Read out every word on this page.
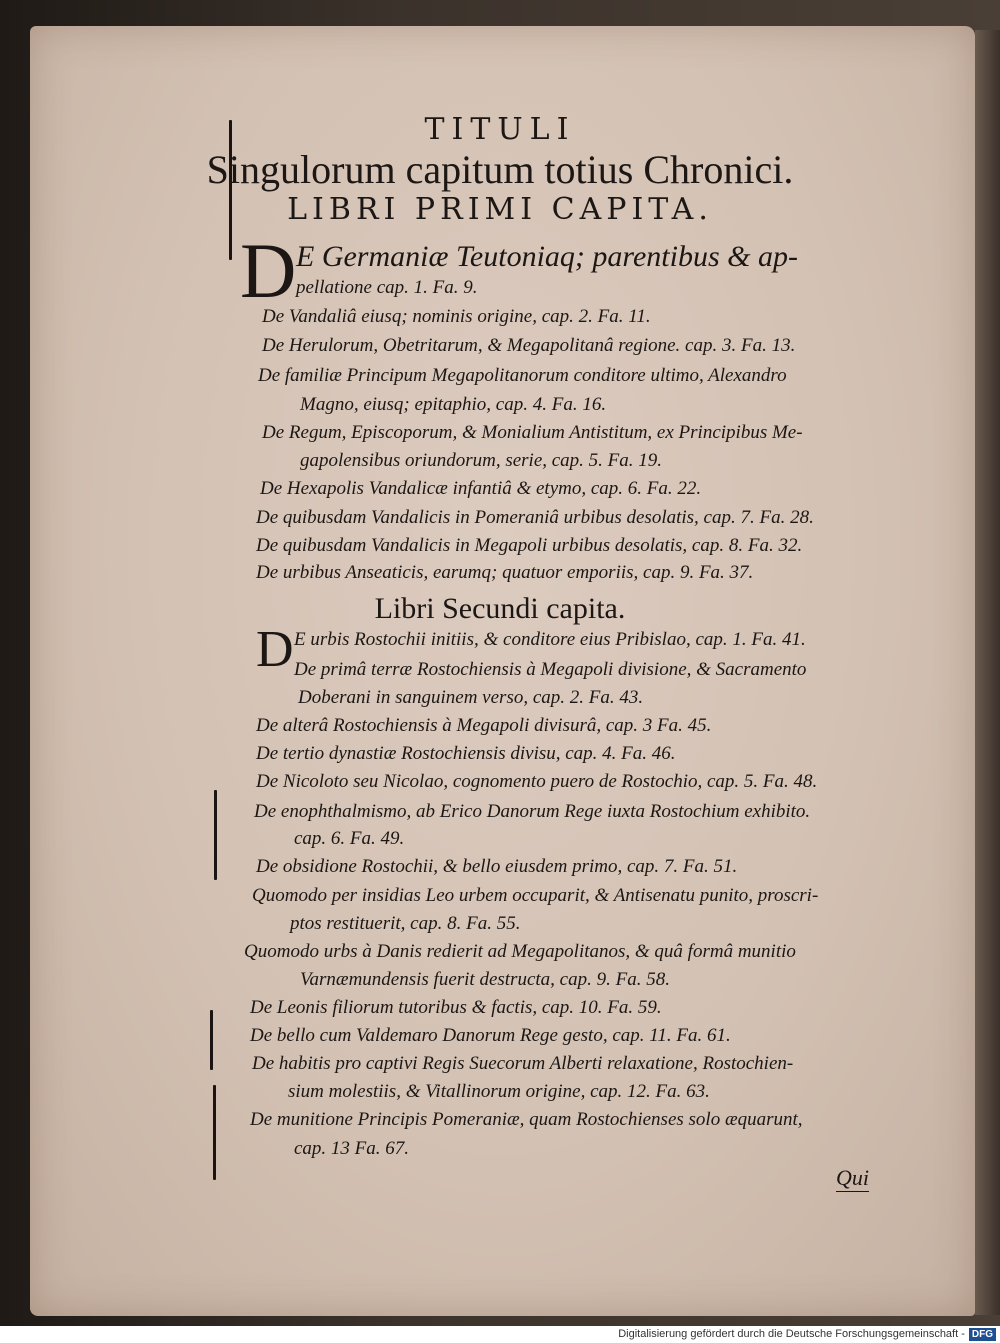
TITULI
Singulorum capitum totius Chronici.
LIBRI PRIMI CAPITA.
D E Germaniæ Teutoniaq; parentibus & ap-
pellatione cap. 1. Fa. 9.
De Vandaliâ eiusq; nominis origine, cap. 2. Fa. 11.
De Herulorum, Obetritarum, & Megapolitanâ regione. cap. 3. Fa. 13.
De familiæ Principum Megapolitanorum conditore ultimo, Alexandro
Magno, eiusq; epitaphio, cap. 4. Fa. 16.
De Regum, Episcoporum, & Monialium Antistitum, ex Principibus Me-
gapolensibus oriundorum, serie, cap. 5. Fa. 19.
De Hexapolis Vandalicæ infantiâ & etymo, cap. 6. Fa. 22.
De quibusdam Vandalicis in Pomeraniâ urbibus desolatis, cap. 7. Fa. 28.
De quibusdam Vandalicis in Megapoli urbibus desolatis, cap. 8. Fa. 32.
De urbibus Anseaticis, earumq; quatuor emporiis, cap. 9. Fa. 37.
Libri Secundi capita.
D E urbis Rostochii initiis, & conditore eius Pribislao, cap. 1. Fa. 41.
De primâ terræ Rostochiensis à Megapoli divisione, & Sacramento
Doberani in sanguinem verso, cap. 2. Fa. 43.
De alterâ Rostochiensis à Megapoli divisurâ, cap. 3 Fa. 45.
De tertio dynastiæ Rostochiensis divisu, cap. 4. Fa. 46.
De Nicoloto seu Nicolao, cognomento puero de Rostochio, cap. 5. Fa. 48.
De enophthalmismo, ab Erico Danorum Rege iuxta Rostochium exhibito.
cap. 6. Fa. 49.
De obsidione Rostochii, & bello eiusdem primo, cap. 7. Fa. 51.
Quomodo per insidias Leo urbem occuparit, & Antisenatu punito, proscri-
ptos restituerit, cap. 8. Fa. 55.
Quomodo urbs à Danis redierit ad Megapolitanos, & quâ formâ munitio
Varnæmundensis fuerit destructa, cap. 9. Fa. 58.
De Leonis filiorum tutoribus & factis, cap. 10. Fa. 59.
De bello cum Valdemaro Danorum Rege gesto, cap. 11. Fa. 61.
De habitis pro captivi Regis Suecorum Alberti relaxatione, Rostochien-
sium molestiis, & Vitallinorum origine, cap. 12. Fa. 63.
De munitione Principis Pomeraniæ, quam Rostochienses solo æquarunt,
cap. 13 Fa. 67.
Qui
Digitalisierung gefördert durch die Deutsche Forschungsgemeinschaft - DFG
